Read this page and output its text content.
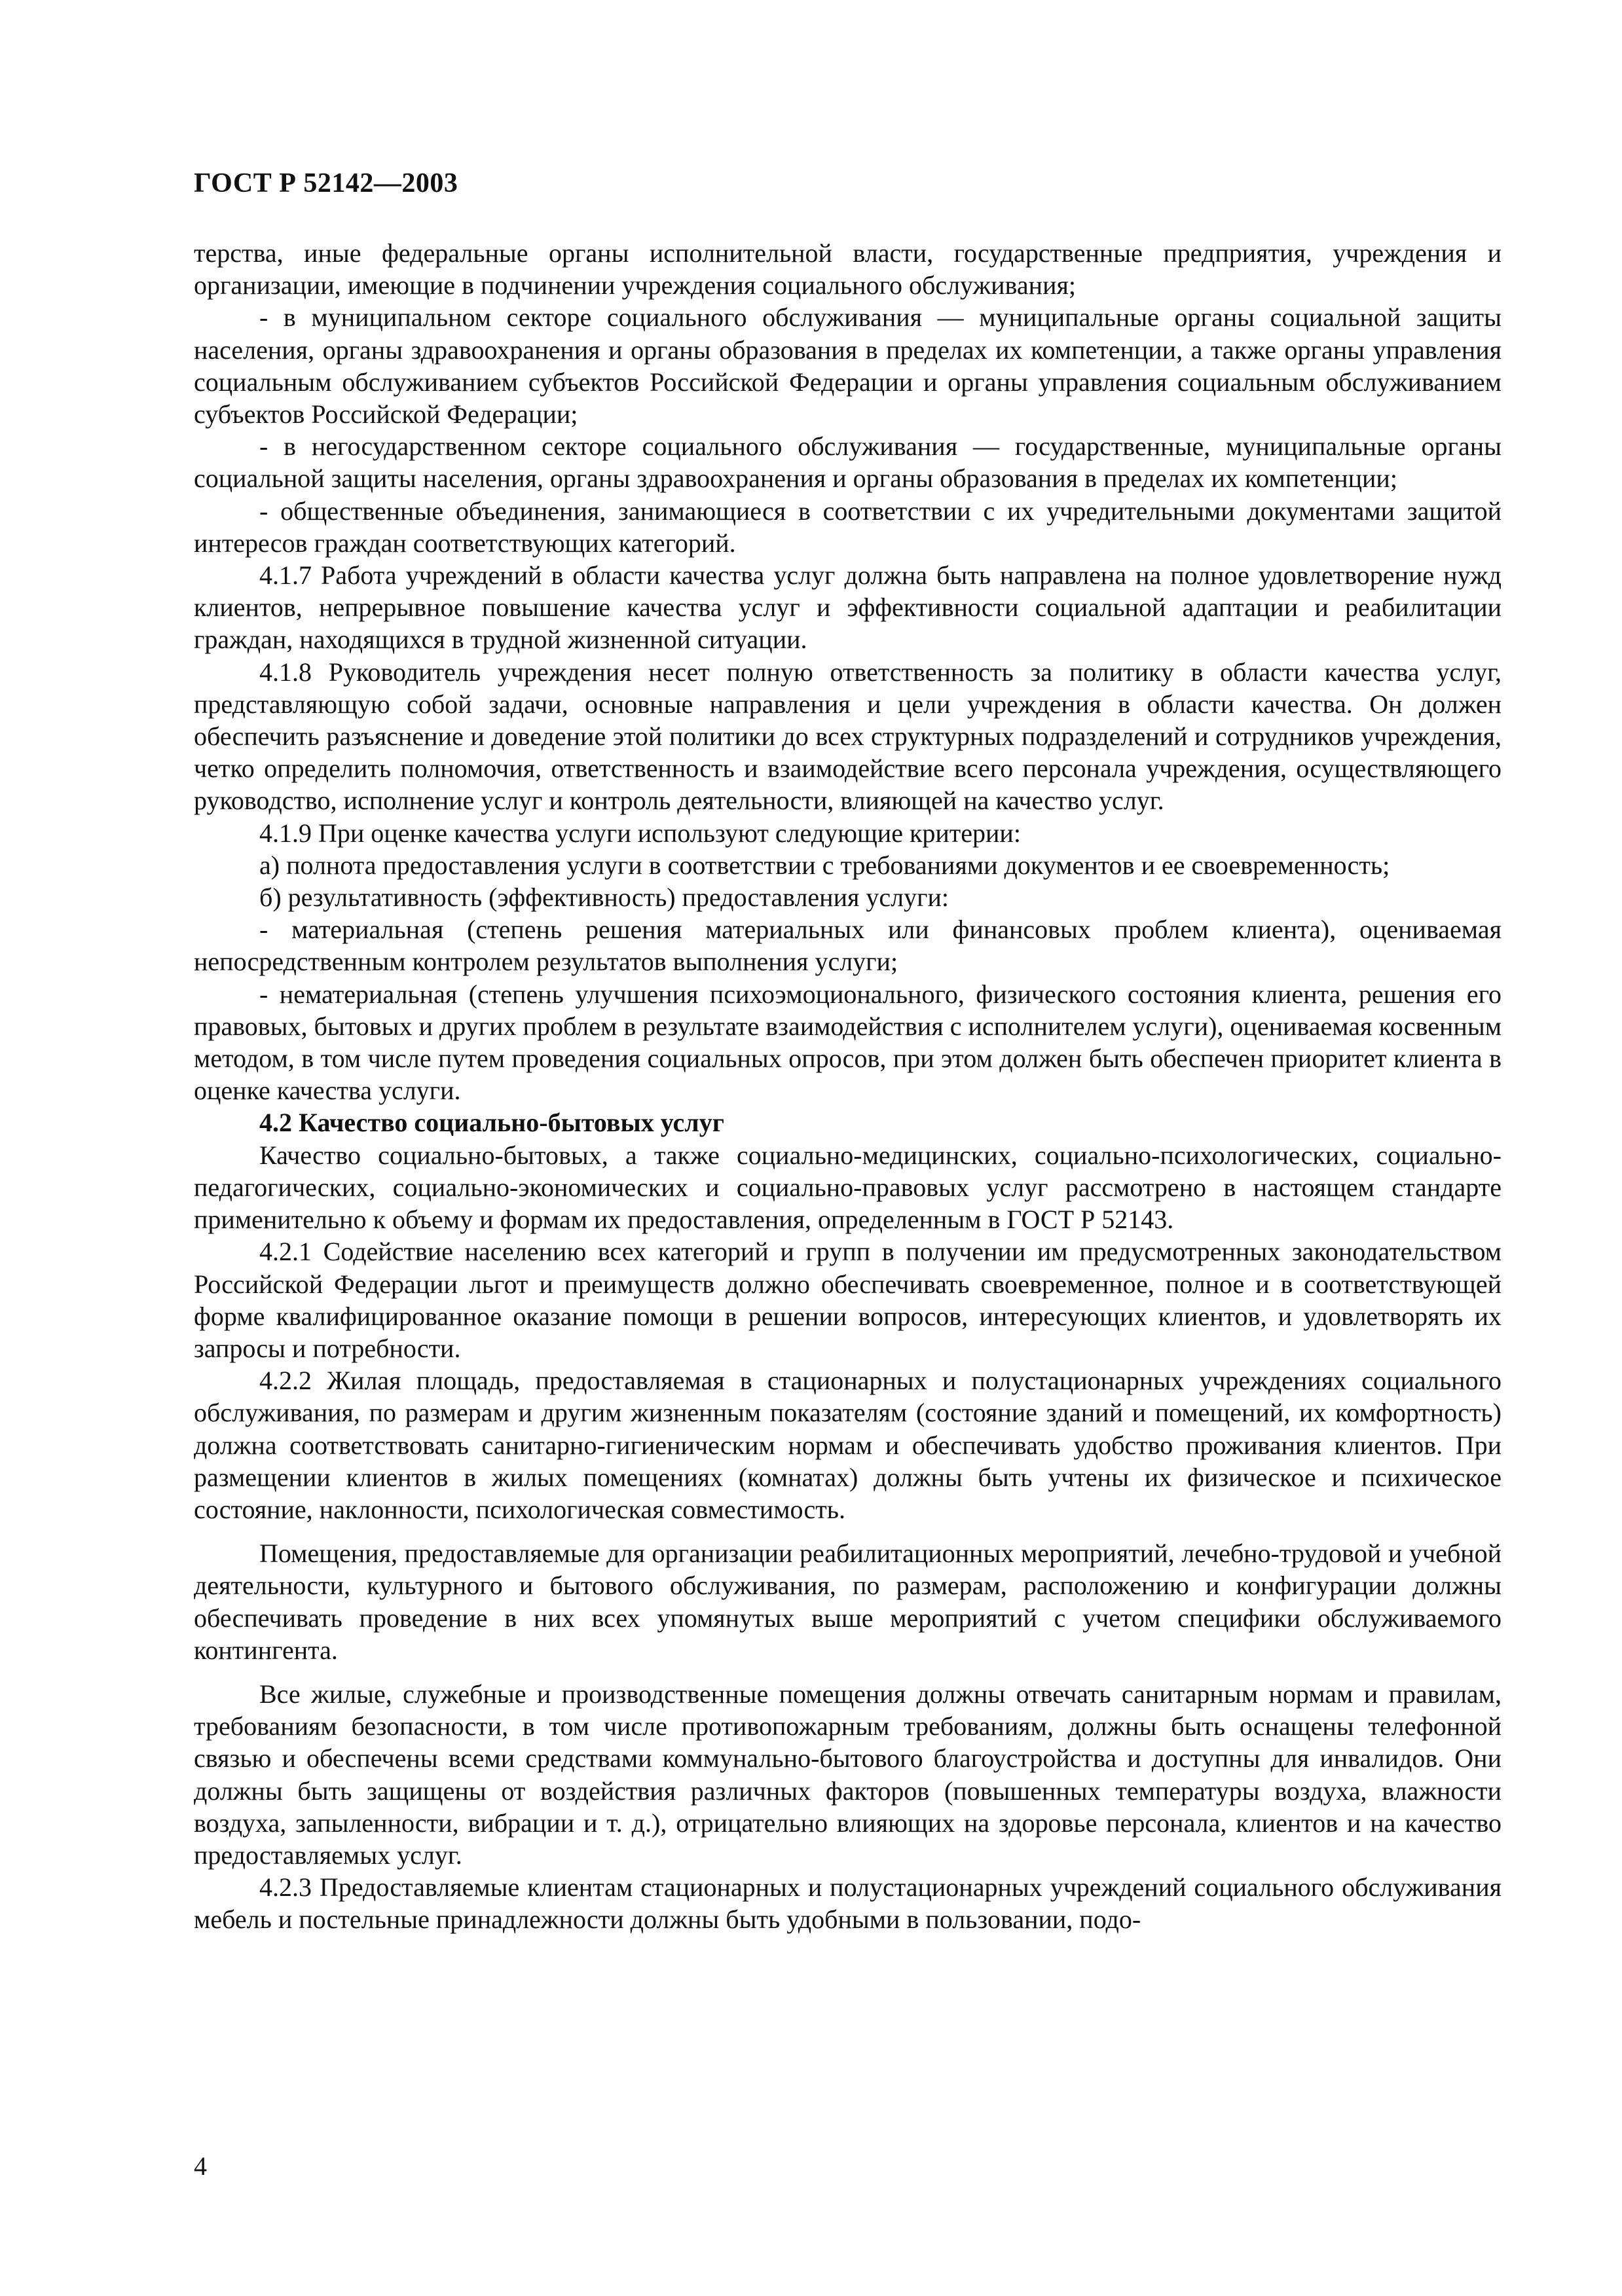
ГОСТ Р 52142—2003

терства, иные федеральные органы исполнительной власти, государственные предприятия, учреждения и организации, имеющие в подчинении учреждения социального обслуживания;

- в муниципальном секторе социального обслуживания — муниципальные органы социальной защиты населения, органы здравоохранения и органы образования в пределах их компетенции, а также органы управления социальным обслуживанием субъектов Российской Федерации и органы управления социальным обслуживанием субъектов Российской Федерации;

- в негосударственном секторе социального обслуживания — государственные, муниципальные органы социальной защиты населения, органы здравоохранения и органы образования в пределах их компетенции;

- общественные объединения, занимающиеся в соответствии с их учредительными документами защитой интересов граждан соответствующих категорий.

4.1.7 Работа учреждений в области качества услуг должна быть направлена на полное удовлетворение нужд клиентов, непрерывное повышение качества услуг и эффективности социальной адаптации и реабилитации граждан, находящихся в трудной жизненной ситуации.

4.1.8 Руководитель учреждения несет полную ответственность за политику в области качества услуг, представляющую собой задачи, основные направления и цели учреждения в области качества. Он должен обеспечить разъяснение и доведение этой политики до всех структурных подразделений и сотрудников учреждения, четко определить полномочия, ответственность и взаимодействие всего персонала учреждения, осуществляющего руководство, исполнение услуг и контроль деятельности, влияющей на качество услуг.

4.1.9 При оценке качества услуги используют следующие критерии:

а) полнота предоставления услуги в соответствии с требованиями документов и ее своевременность;

б) результативность (эффективность) предоставления услуги:

- материальная (степень решения материальных или финансовых проблем клиента), оцениваемая непосредственным контролем результатов выполнения услуги;

- нематериальная (степень улучшения психоэмоционального, физического состояния клиента, решения его правовых, бытовых и других проблем в результате взаимодействия с исполнителем услуги), оцениваемая косвенным методом, в том числе путем проведения социальных опросов, при этом должен быть обеспечен приоритет клиента в оценке качества услуги.

4.2 Качество социально-бытовых услуг

Качество социально-бытовых, а также социально-медицинских, социально-психологических, социально-педагогических, социально-экономических и социально-правовых услуг рассмотрено в настоящем стандарте применительно к объему и формам их предоставления, определенным в ГОСТ Р 52143.

4.2.1 Содействие населению всех категорий и групп в получении им предусмотренных законодательством Российской Федерации льгот и преимуществ должно обеспечивать своевременное, полное и в соответствующей форме квалифицированное оказание помощи в решении вопросов, интересующих клиентов, и удовлетворять их запросы и потребности.

4.2.2 Жилая площадь, предоставляемая в стационарных и полустационарных учреждениях социального обслуживания, по размерам и другим жизненным показателям (состояние зданий и помещений, их комфортность) должна соответствовать санитарно-гигиеническим нормам и обеспечивать удобство проживания клиентов. При размещении клиентов в жилых помещениях (комнатах) должны быть учтены их физическое и психическое состояние, наклонности, психологическая совместимость.

Помещения, предоставляемые для организации реабилитационных мероприятий, лечебно-трудовой и учебной деятельности, культурного и бытового обслуживания, по размерам, расположению и конфигурации должны обеспечивать проведение в них всех упомянутых выше мероприятий с учетом специфики обслуживаемого контингента.

Все жилые, служебные и производственные помещения должны отвечать санитарным нормам и правилам, требованиям безопасности, в том числе противопожарным требованиям, должны быть оснащены телефонной связью и обеспечены всеми средствами коммунально-бытового благоустройства и доступны для инвалидов. Они должны быть защищены от воздействия различных факторов (повышенных температуры воздуха, влажности воздуха, запыленности, вибрации и т. д.), отрицательно влияющих на здоровье персонала, клиентов и на качество предоставляемых услуг.

4.2.3 Предоставляемые клиентам стационарных и полустационарных учреждений социального обслуживания мебель и постельные принадлежности должны быть удобными в пользовании, подо-

4
